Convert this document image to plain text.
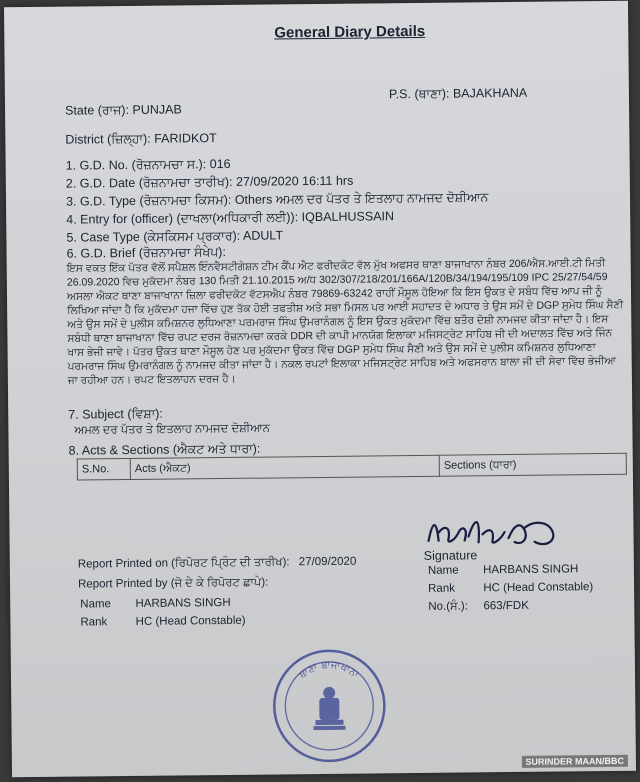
General Diary Details
State (ਰਾਜ): PUNJAB
P.S. (ਥਾਣਾ): BAJAKHANA
District (ਜ਼ਿਲ੍ਹਾ): FARIDKOT
1. G.D. No. (ਰੋਜ਼ਨਾਮਚਾ ਸ.): 016
2. G.D. Date (ਰੋਜ਼ਨਾਮਚਾ ਤਾਰੀਖ): 27/09/2020 16:11 hrs
3. G.D. Type (ਰੋਜ਼ਨਾਮਚਾ ਕਿਸਮ): Others ਅਮਲ ਦਰ ਪੱਤਰ ਤੇ ਇਤਲਾਹ ਨਾਮਜਦ ਦੋਸ਼ੀਆਨ
4. Entry for (officer) (ਦਾਖਲਾ(ਅਧਿਕਾਰੀ ਲਈ)): IQBALHUSSAIN
5. Case Type (ਕੇਸਕਿਸਮ ਪ੍ਰਕਾਰ): ADULT
6. G.D. Brief (ਰੋਜ਼ਨਾਮਚਾ ਸੰਖੇਪ):
ਇਸ ਵਕਤ ਇੱਕ ਪੱਤਰ ਵੱਲੋਂ ਸਪੈਸ਼ਲ ਇੰਨਵੈਸਟੀਗੇਸ਼ਨ ਟੀਮ ਕੈਂਪ ਐਟ ਫਰੀਦਕੋਟ ਵੱਲ ਮੁੱਖ ਅਫਸਰ ਥਾਣਾ ਬਾਜਾਖਾਨਾ ਨੰਬਰ 206/ਐਸ.ਆਈ.ਟੀ ਮਿਤੀ 26.09.2020 ਵਿਚ ਮੁਕੱਦਮਾ ਨੰਬਰ 130 ਮਿਤੀ 21.10.2015 ਅ/ਧ 302/307/218/201/166A/120B/34/194/195/109 IPC 25/27/54/59 ਅਸਲਾ ਐਕਟ ਥਾਣਾ ਬਾਜਾਖਾਨਾ ਜ਼ਿਲਾ ਫਰੀਦਕੋਟ ਵੱਟਸਐਪ ਨੰਬਰ 79869-63242 ਰਾਹੀਂ ਮੌਸੂਲ ਹੋਇਆ ਕਿ ਇਸ ਉਕਤ ਦੇ ਸਬੰਧ ਵਿੱਚ ਆਪ ਜੀ ਨੂੰ ਲਿਖਿਆ ਜਾਂਦਾ ਹੈ ਕਿ ਮੁਕੱਦਮਾ ਹਜਾ ਵਿੱਚ ਹੁਣ ਤੱਕ ਹੋਈ ਤਫਤੀਸ਼ ਅਤੇ ਸਭਾ ਮਿਸਲ ਪਰ ਆਈ ਸਹਾਦਤ ਦੇ ਅਧਾਰ ਤੇ ਉਸ ਸਮੇਂ ਦੇ DGP ਸੁਮੇਧ ਸਿੰਘ ਸੈਣੀ ਅਤੇ ਉਸ ਸਮੇਂ ਦੇ ਪੁਲੀਸ ਕਮਿਸ਼ਨਰ ਲੁਧਿਆਣਾ ਪਰਮਰਾਜ ਸਿੰਘ ਉਮਰਾਨੰਗਲ ਨੂੰ ਇਸ ਉਕਤ ਮੁਕੱਦਮਾ ਵਿੱਚ ਬਤੌਰ ਦੋਸ਼ੀ ਨਾਮਜਦ ਕੀਤਾ ਜਾਂਦਾ ਹੈ। ਇਸ ਸਬੰਧੀ ਥਾਣਾ ਬਾਜਾਖਾਨਾ ਵਿੱਚ ਰਪਟ ਦਰਜ ਰੋਜ਼ਨਾਮਚਾ ਕਰਕੇ DDR ਦੀ ਕਾਪੀ ਮਾਨਯੋਗ ਇਲਾਕਾ ਮਜਿਸਟ੍ਰੇਟ ਸਾਹਿਬ ਜੀ ਦੀ ਅਦਾਲਤ ਵਿੱਚ ਅਤੇ ਜਿੰਨ ਖਾਸ ਭੇਜੀ ਜਾਵੇ। ਪੱਤਰ ਉਕਤ ਥਾਣਾ ਮੌਸੂਲ ਹੋਣ ਪਰ ਮੁਕੱਦਮਾ ਉਕਤ ਵਿੱਚ DGP ਸੁਮੇਧ ਸਿੰਘ ਸੈਣੀ ਅਤੇ ਉਸ ਸਮੇਂ ਦੇ ਪੁਲੀਸ ਕਮਿਸ਼ਨਰ ਲੁਧਿਆਣਾ ਪਰਮਰਾਜ ਸਿੰਘ ਉਮਰਾਨੰਗਲ ਨੂੰ ਨਾਮਜਦ ਕੀਤਾ ਜਾਂਦਾ ਹੈ। ਨਕਲ ਰਪਟਾਂ ਇਲਾਕਾ ਮਜਿਸਟ੍ਰੇਟ ਸਾਹਿਬ ਅਤੇ ਅਫਸਰਾਨ ਬਾਲਾ ਜੀ ਦੀ ਸੇਵਾ ਵਿੱਚ ਭੇਜੀਆ ਜਾ ਰਹੀਆ ਹਨ। ਰਪਟ ਇਤਲਾਹਨ ਦਰਜ ਹੈ।
7. Subject (ਵਿਸ਼ਾ):
ਅਮਲ ਦਰ ਪੱਤਰ ਤੇ ਇਤਲਾਹ ਨਾਮਜਦ ਦੋਸ਼ੀਆਨ
8. Acts & Sections (ਐਕਟ ਅਤੇ ਧਾਰਾ):
S.No.	Acts (ਐਕਟ)	Sections (ਧਾਰਾ)
Signature
Name HARBANS SINGH
Rank HC (Head Constable)
No.(ਸੰ.): 663/FDK
Report Printed on (ਰਿਪੋਰਟ ਪ੍ਰਿੰਟ ਦੀ ਤਾਰੀਖ): 27/09/2020
Report Printed by (ਜੋ ਦੇ ਕੇ ਰਿਪੋਰਟ ਛਾਪੇ):
Name HARBANS SINGH
Rank HC (Head Constable)
ਥਾਣਾ ਬਾਜਾਖਾਨਾ
SURINDER MAAN/BBC
